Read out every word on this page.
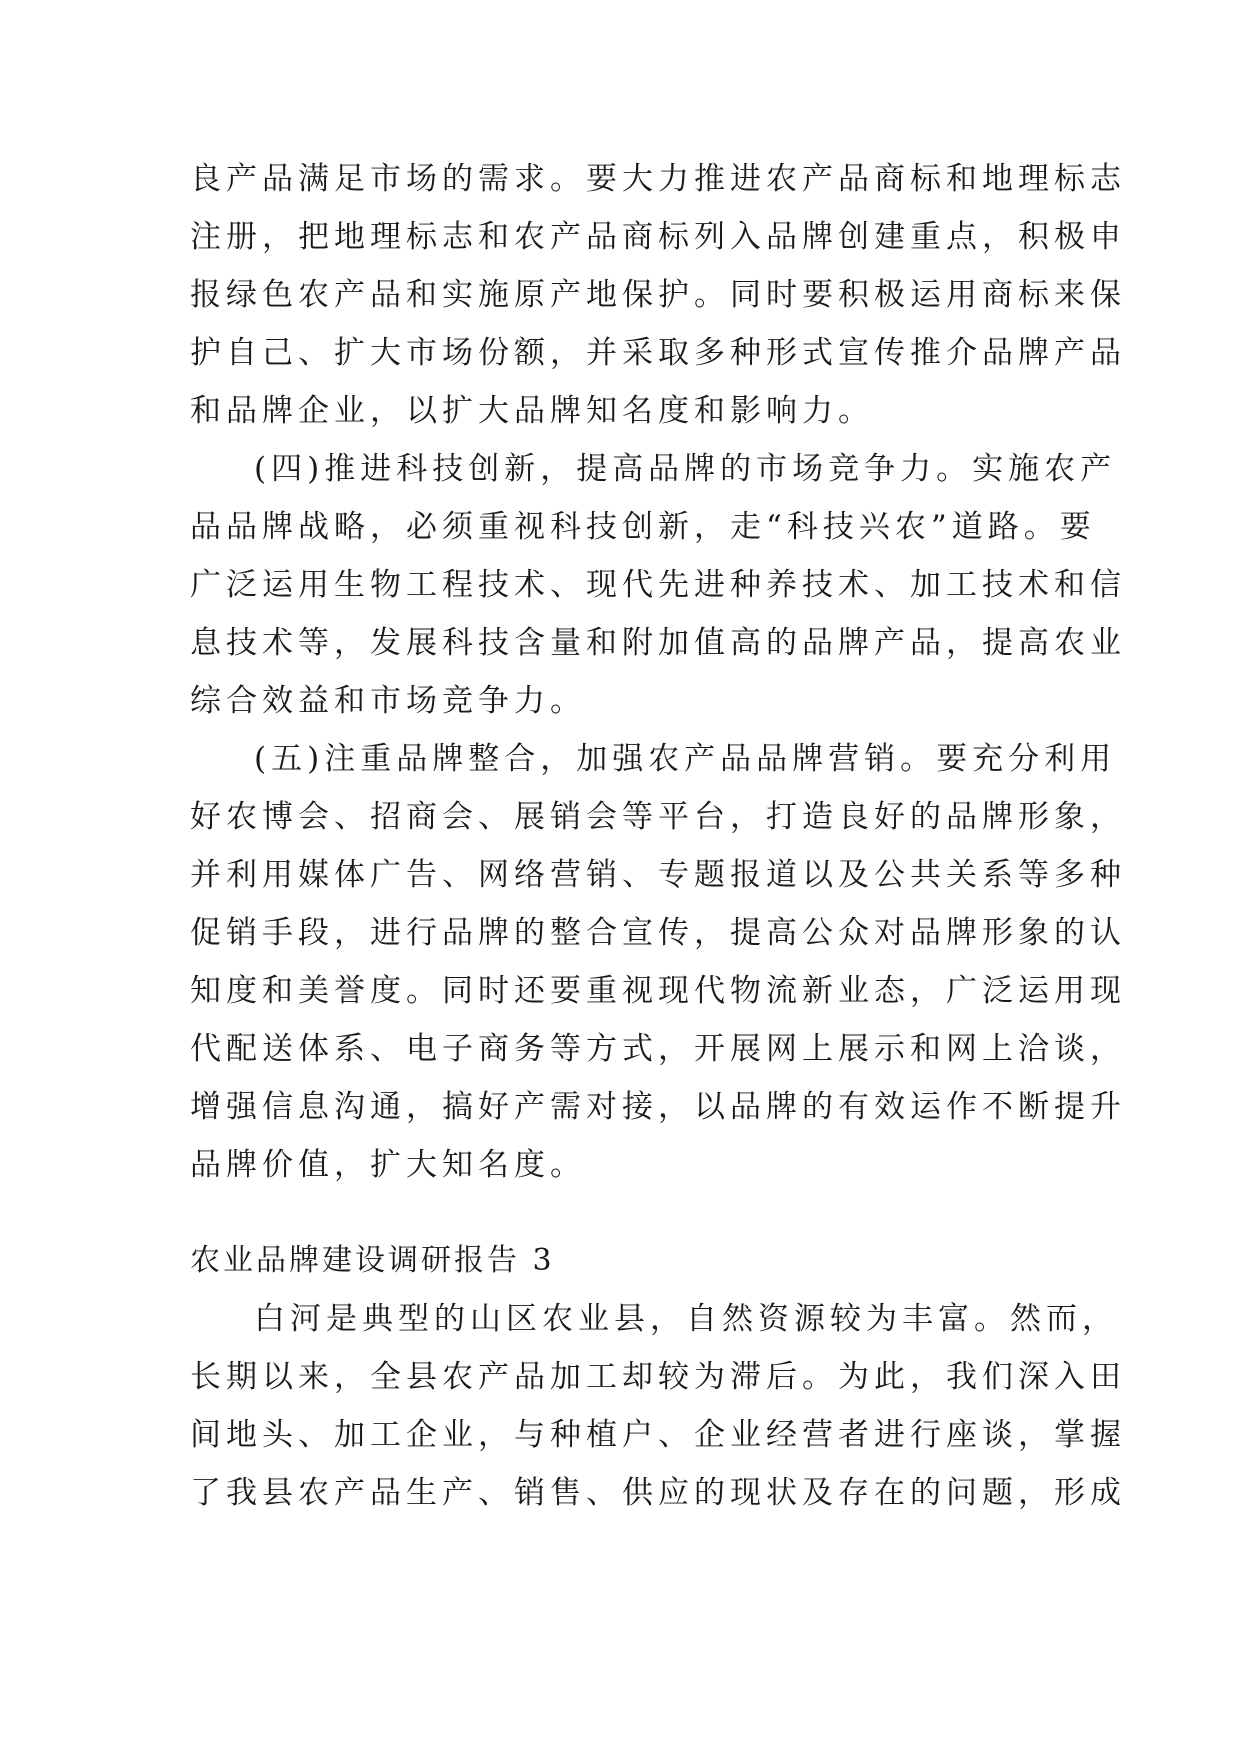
良产品满足市场的需求。要大力推进农产品商标和地理标志
注册，把地理标志和农产品商标列入品牌创建重点，积极申
报绿色农产品和实施原产地保护。同时要积极运用商标来保
护自己、扩大市场份额，并采取多种形式宣传推介品牌产品
和品牌企业，以扩大品牌知名度和影响力。
(四)推进科技创新，提高品牌的市场竞争力。实施农产
品品牌战略，必须重视科技创新，走“科技兴农”道路。要
广泛运用生物工程技术、现代先进种养技术、加工技术和信
息技术等，发展科技含量和附加值高的品牌产品，提高农业
综合效益和市场竞争力。
(五)注重品牌整合，加强农产品品牌营销。要充分利用
好农博会、招商会、展销会等平台，打造良好的品牌形象，
并利用媒体广告、网络营销、专题报道以及公共关系等多种
促销手段，进行品牌的整合宣传，提高公众对品牌形象的认
知度和美誉度。同时还要重视现代物流新业态，广泛运用现
代配送体系、电子商务等方式，开展网上展示和网上洽谈，
增强信息沟通，搞好产需对接，以品牌的有效运作不断提升
品牌价值，扩大知名度。
农业品牌建设调研报告 3
白河是典型的山区农业县，自然资源较为丰富。然而，
长期以来，全县农产品加工却较为滞后。为此，我们深入田
间地头、加工企业，与种植户、企业经营者进行座谈，掌握
了我县农产品生产、销售、供应的现状及存在的问题，形成
